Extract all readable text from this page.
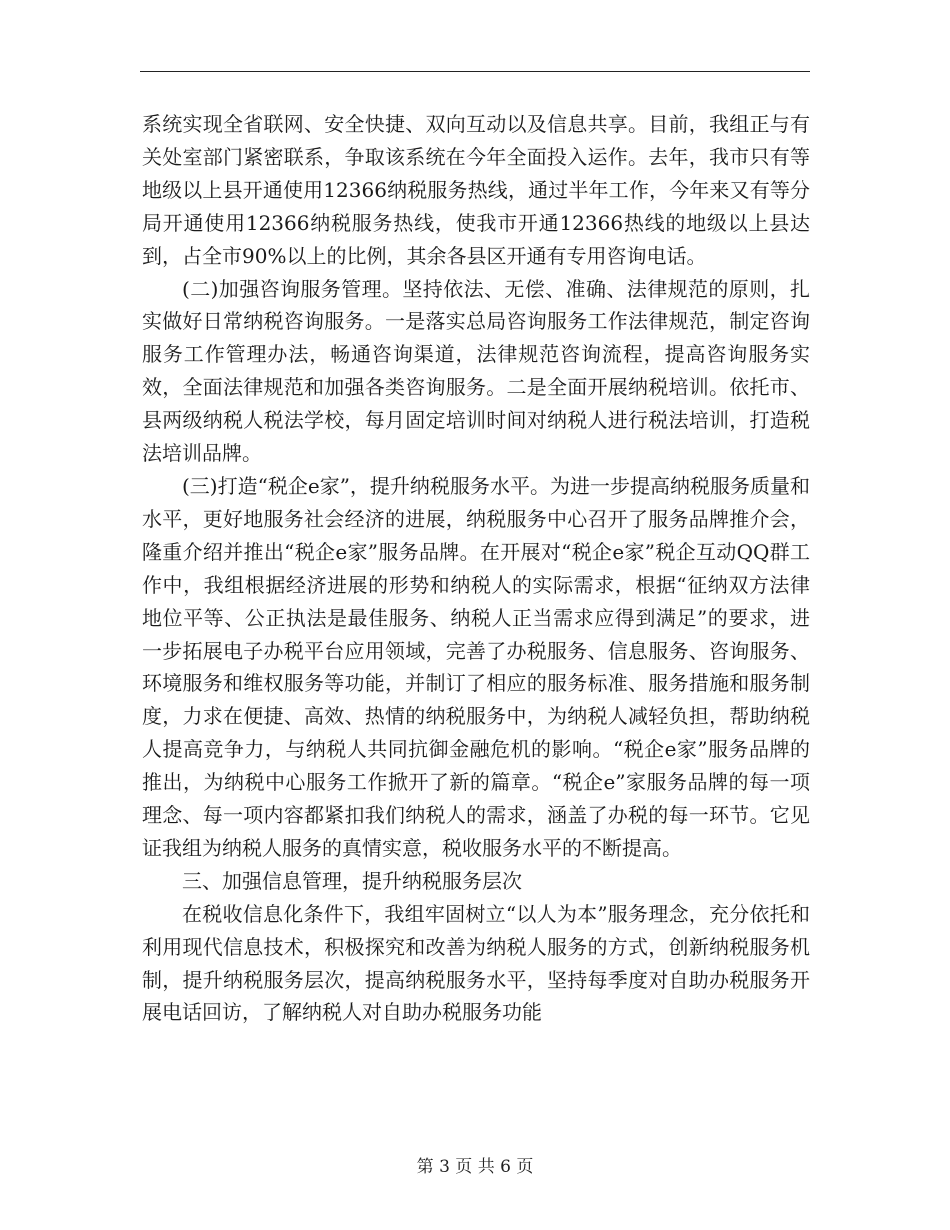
系统实现全省联网、安全快捷、双向互动以及信息共享。目前，我组正与有关处室部门紧密联系，争取该系统在今年全面投入运作。去年，我市只有等地级以上县开通使用12366纳税服务热线，通过半年工作，今年来又有等分局开通使用12366纳税服务热线，使我市开通12366热线的地级以上县达到，占全市90%以上的比例，其余各县区开通有专用咨询电话。

(二)加强咨询服务管理。坚持依法、无偿、准确、法律规范的原则，扎实做好日常纳税咨询服务。一是落实总局咨询服务工作法律规范，制定咨询服务工作管理办法，畅通咨询渠道，法律规范咨询流程，提高咨询服务实效，全面法律规范和加强各类咨询服务。二是全面开展纳税培训。依托市、县两级纳税人税法学校，每月固定培训时间对纳税人进行税法培训，打造税法培训品牌。

(三)打造“税企e家”，提升纳税服务水平。为进一步提高纳税服务质量和水平，更好地服务社会经济的进展，纳税服务中心召开了服务品牌推介会，隆重介绍并推出“税企e家”服务品牌。在开展对“税企e家”税企互动QQ群工作中，我组根据经济进展的形势和纳税人的实际需求，根据“征纳双方法律地位平等、公正执法是最佳服务、纳税人正当需求应得到满足”的要求，进一步拓展电子办税平台应用领域，完善了办税服务、信息服务、咨询服务、环境服务和维权服务等功能，并制订了相应的服务标准、服务措施和服务制度，力求在便捷、高效、热情的纳税服务中，为纳税人减轻负担，帮助纳税人提高竞争力，与纳税人共同抗御金融危机的影响。“税企e家”服务品牌的推出，为纳税中心服务工作掀开了新的篇章。“税企e”家服务品牌的每一项理念、每一项内容都紧扣我们纳税人的需求，涵盖了办税的每一环节。它见证我组为纳税人服务的真情实意，税收服务水平的不断提高。

三、加强信息管理，提升纳税服务层次

在税收信息化条件下，我组牢固树立“以人为本”服务理念，充分依托和利用现代信息技术，积极探究和改善为纳税人服务的方式，创新纳税服务机制，提升纳税服务层次，提高纳税服务水平，坚持每季度对自助办税服务开展电话回访，了解纳税人对自助办税服务功能

第 3 页 共 6 页
